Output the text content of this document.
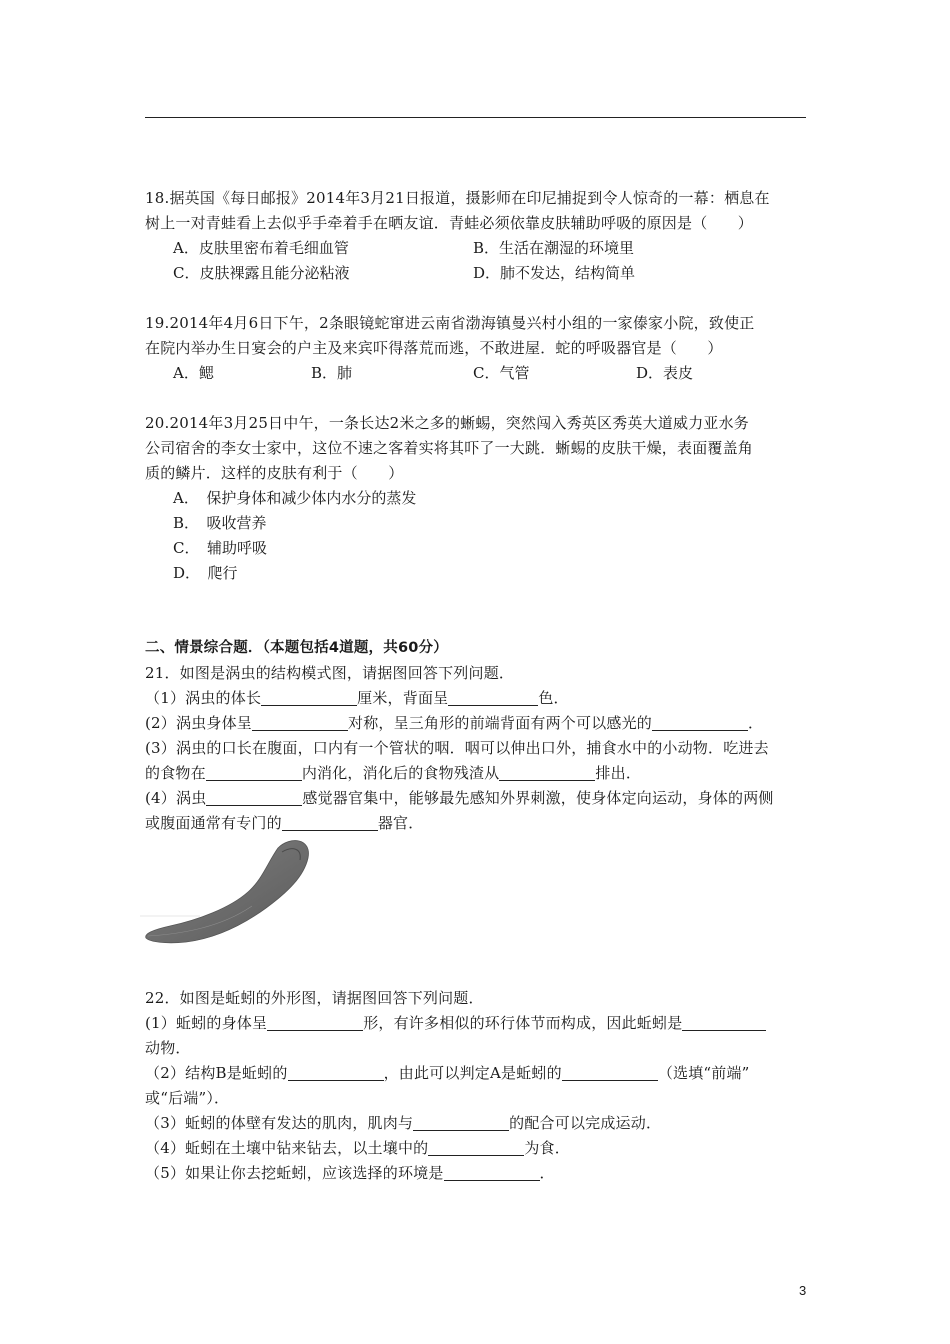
18.据英国《每日邮报》2014年3月21日报道，摄影师在印尼捕捉到令人惊奇的一幕：栖息在
树上一对青蛙看上去似乎手牵着手在晒友谊．青蛙必须依靠皮肤辅助呼吸的原因是（　　）
A．皮肤里密布着毛细血管	B．生活在潮湿的环境里
C．皮肤裸露且能分泌粘液	D．肺不发达，结构简单
19.2014年4月6日下午，2条眼镜蛇窜进云南省渤海镇曼兴村小组的一家傣家小院，致使正
在院内举办生日宴会的户主及来宾吓得落荒而逃，不敢进屋．蛇的呼吸器官是（　　）
A．鳃	B．肺	C．气管	D．表皮
20.2014年3月25日中午，一条长达2米之多的蜥蜴，突然闯入秀英区秀英大道威力亚水务
公司宿舍的李女士家中，这位不速之客着实将其吓了一大跳．蜥蜴的皮肤干燥，表面覆盖角
质的鳞片．这样的皮肤有利于（　　）
A．　保护身体和减少体内水分的蒸发
B．　吸收营养
C．　辅助呼吸
D．　爬行
二、情景综合题．（本题包括4道题，共60分）
21．如图是涡虫的结构模式图，请据图回答下列问题．
（1）涡虫的体长	厘米，背面呈	色．
(2）涡虫身体呈	对称，呈三角形的前端背面有两个可以感光的	．
(3）涡虫的口长在腹面，口内有一个管状的咽．咽可以伸出口外，捕食水中的小动物．吃进去
的食物在	内消化，消化后的食物残渣从	排出．
(4）涡虫	感觉器官集中，能够最先感知外界刺激，使身体定向运动，身体的两侧
或腹面通常有专门的	器官．
22．如图是蚯蚓的外形图，请据图回答下列问题．
(1）蚯蚓的身体呈	形，有许多相似的环行体节而构成，因此蚯蚓是
动物．
（2）结构B是蚯蚓的	，由此可以判定A是蚯蚓的	（选填“前端”
或“后端”）．
（3）蚯蚓的体壁有发达的肌肉，肌肉与	的配合可以完成运动．
（4）蚯蚓在土壤中钻来钻去，以土壤中的	为食．
（5）如果让你去挖蚯蚓，应该选择的环境是	．
3
